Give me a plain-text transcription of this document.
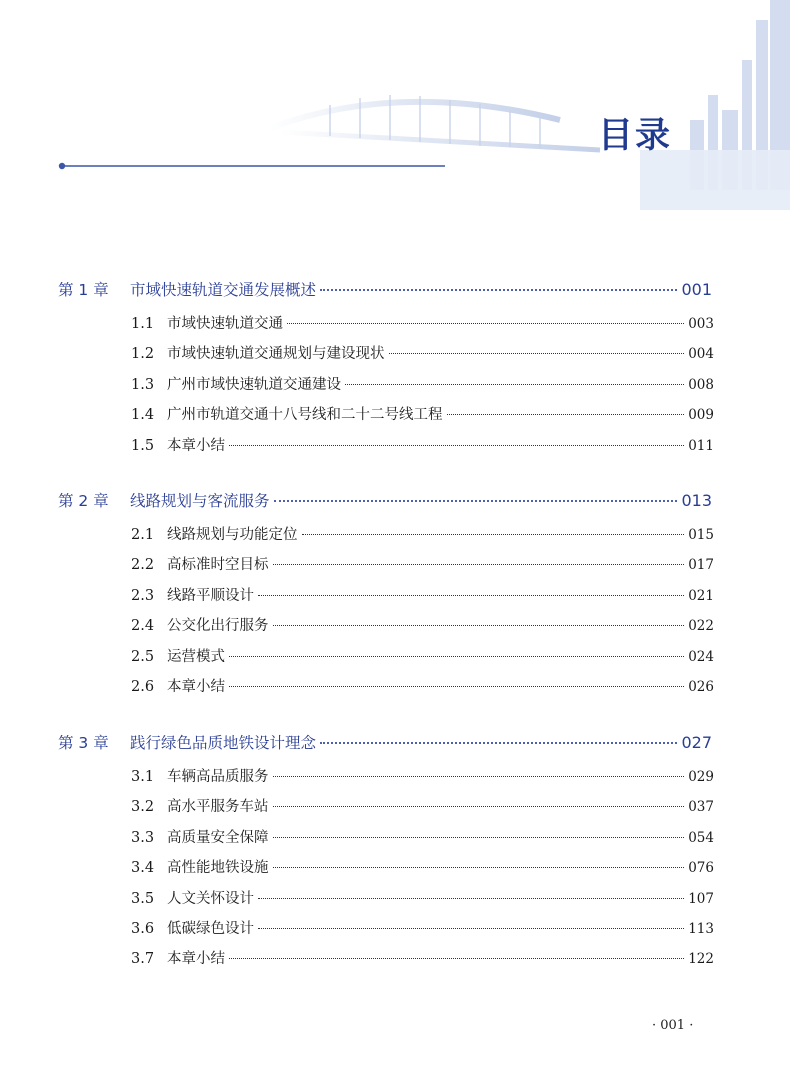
目录
第 1 章	市域快速轨道交通发展概述	001
1.1 市域快速轨道交通	003
1.2 市域快速轨道交通规划与建设现状	004
1.3 广州市域快速轨道交通建设	008
1.4 广州市轨道交通十八号线和二十二号线工程	009
1.5 本章小结	011
第 2 章	线路规划与客流服务	013
2.1 线路规划与功能定位	015
2.2 高标准时空目标	017
2.3 线路平顺设计	021
2.4 公交化出行服务	022
2.5 运营模式	024
2.6 本章小结	026
第 3 章	践行绿色品质地铁设计理念	027
3.1 车辆高品质服务	029
3.2 高水平服务车站	037
3.3 高质量安全保障	054
3.4 高性能地铁设施	076
3.5 人文关怀设计	107
3.6 低碳绿色设计	113
3.7 本章小结	122
· 001 ·
